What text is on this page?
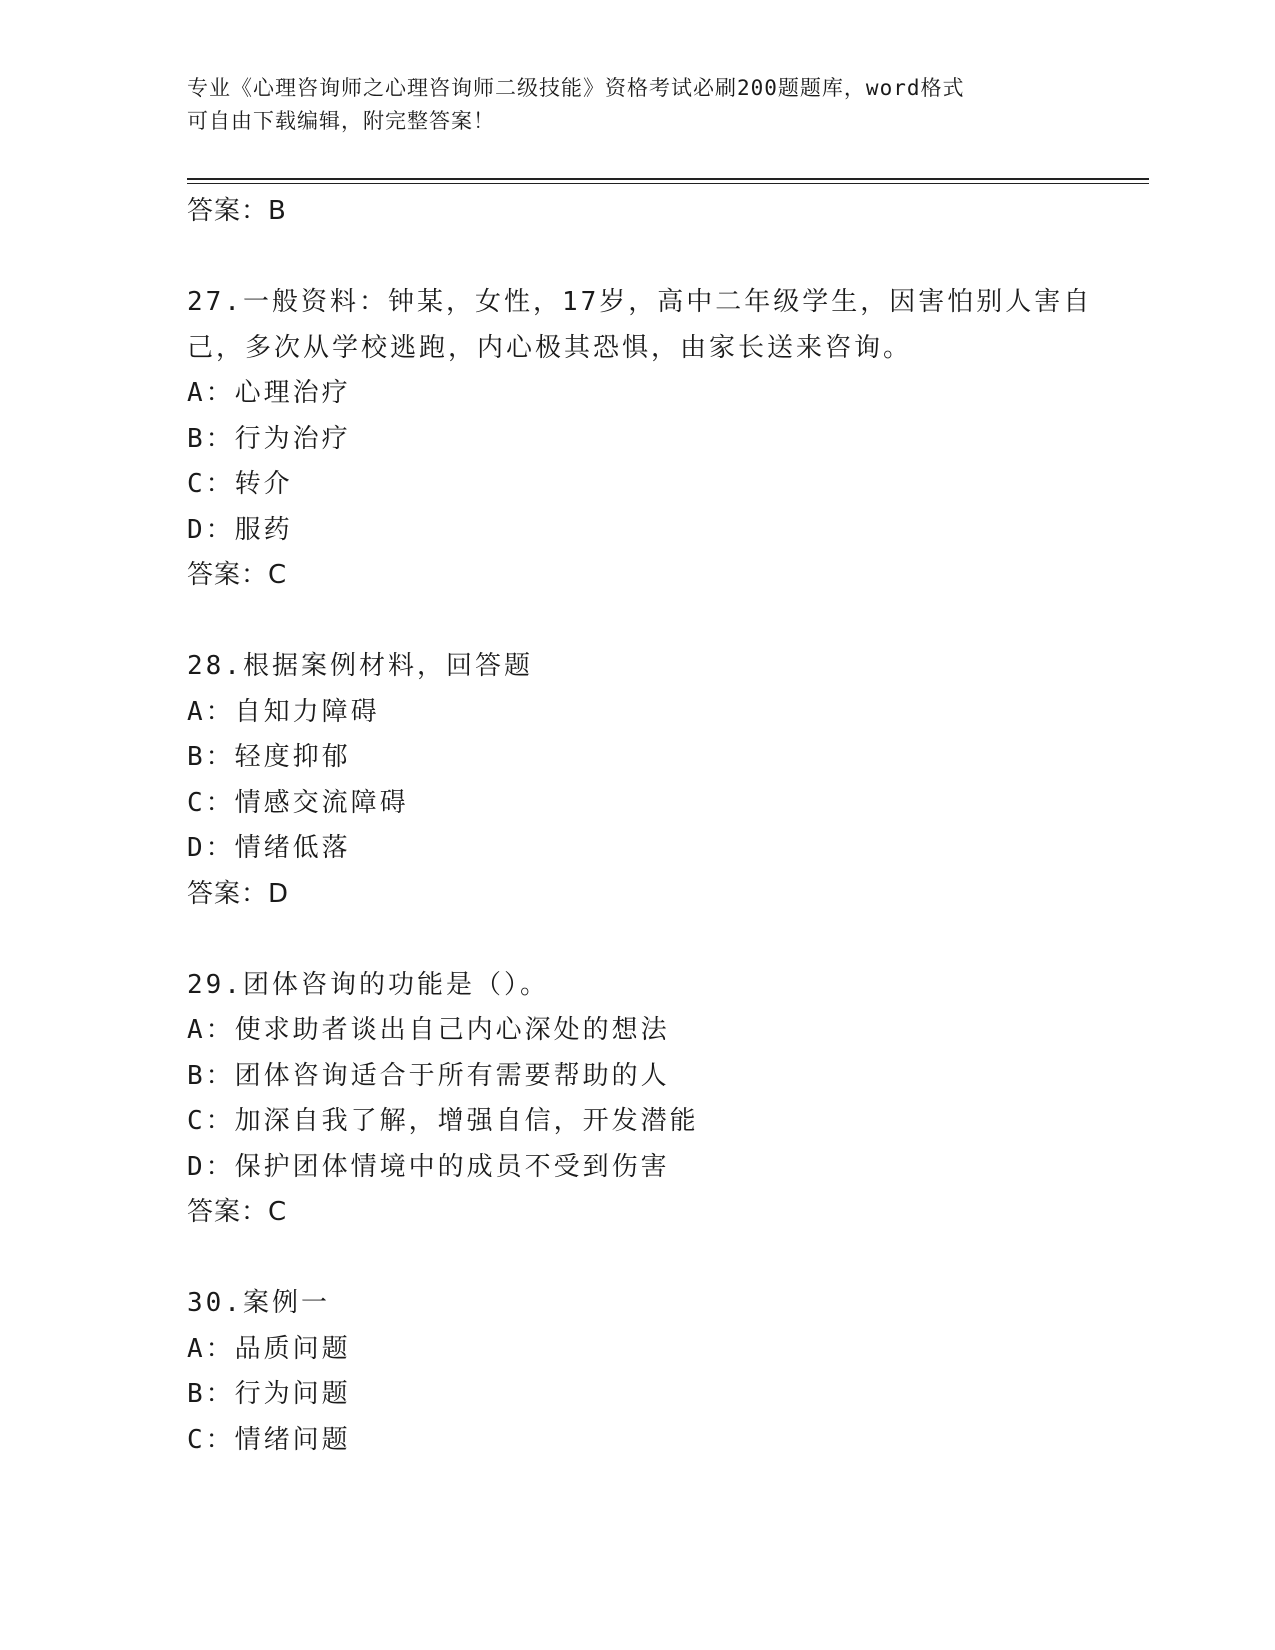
专业《心理咨询师之心理咨询师二级技能》资格考试必刷200题题库，word格式
可自由下载编辑，附完整答案！
答案：B
27.一般资料：钟某，女性，17岁，高中二年级学生，因害怕别人害自
己，多次从学校逃跑，内心极其恐惧，由家长送来咨询。
A：心理治疗
B：行为治疗
C：转介
D：服药
答案：C
28.根据案例材料，回答题
A：自知力障碍
B：轻度抑郁
C：情感交流障碍
D：情绪低落
答案：D
29.团体咨询的功能是（）。
A：使求助者谈出自己内心深处的想法
B：团体咨询适合于所有需要帮助的人
C：加深自我了解，增强自信，开发潜能
D：保护团体情境中的成员不受到伤害
答案：C
30.案例一
A：品质问题
B：行为问题
C：情绪问题
